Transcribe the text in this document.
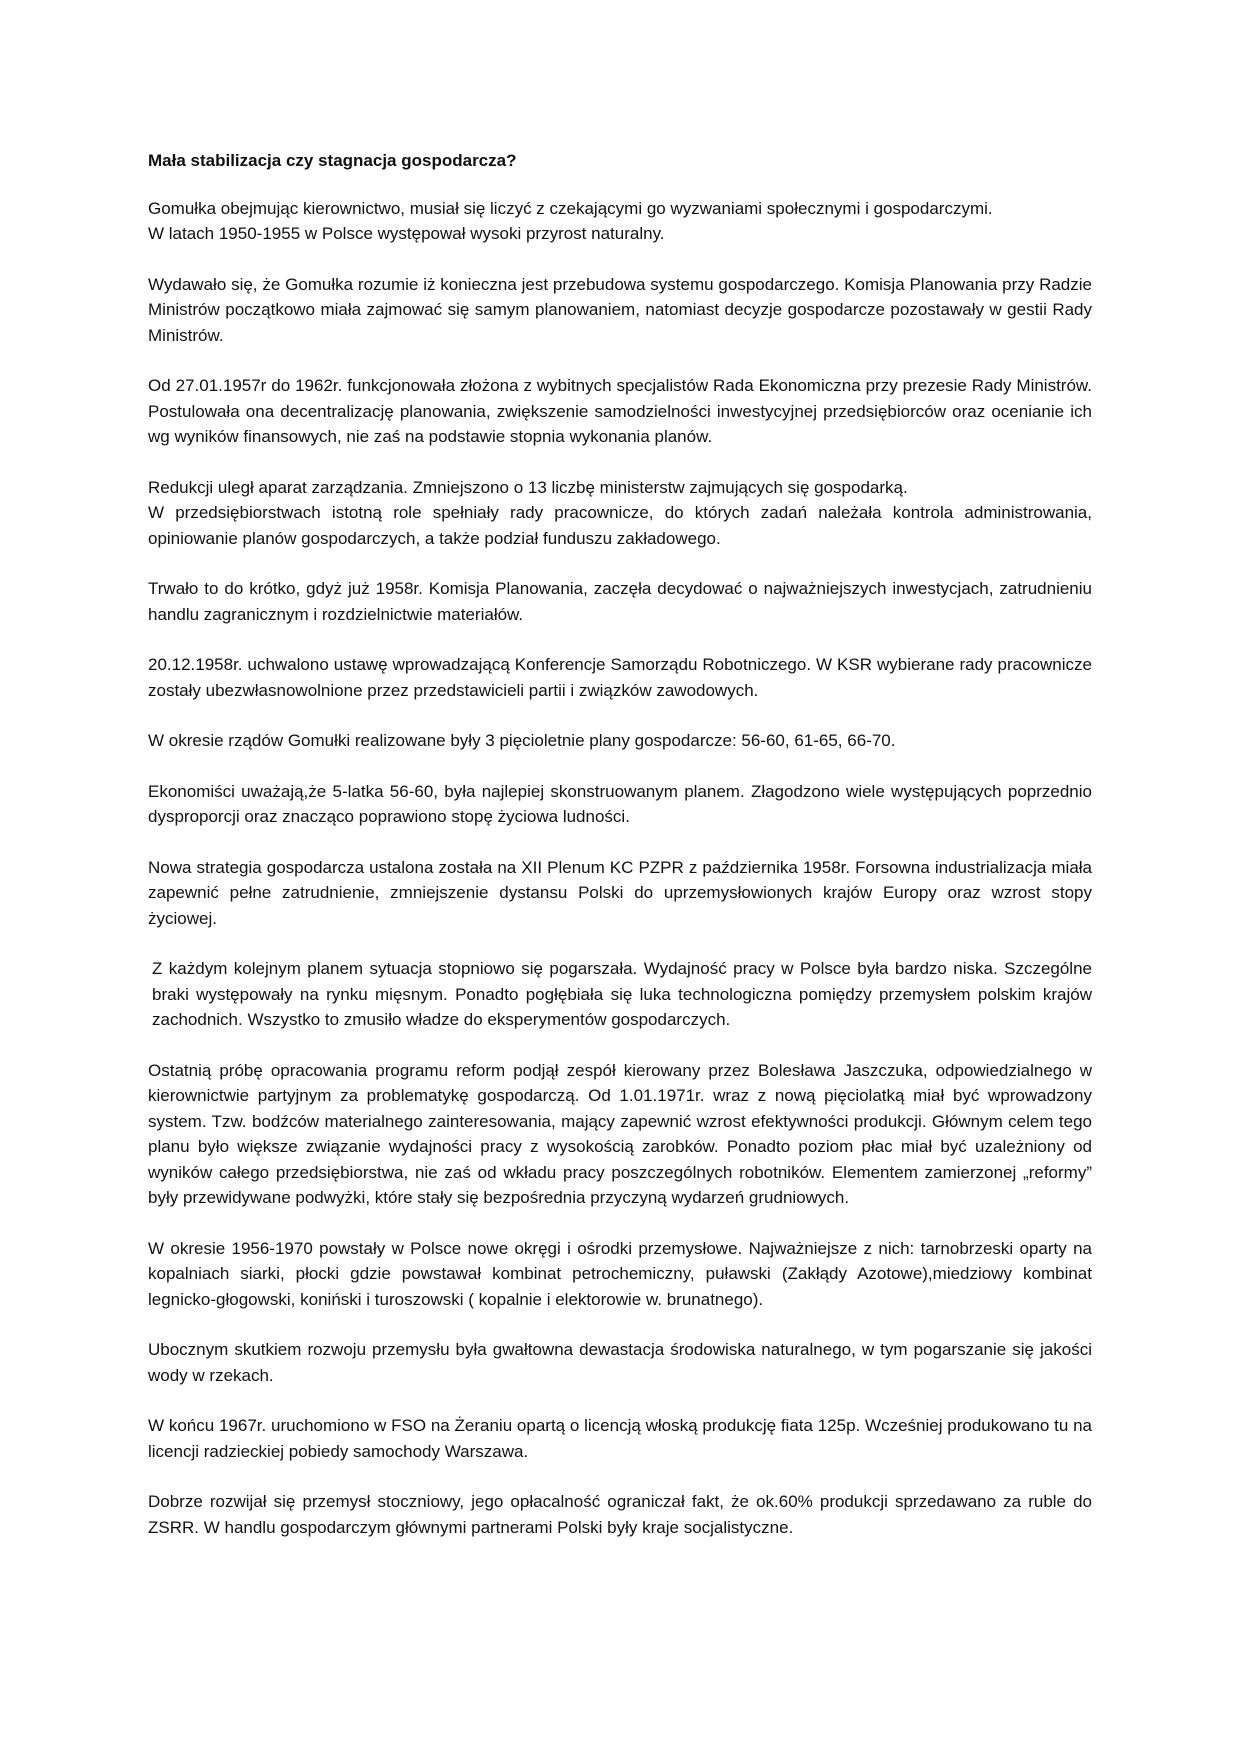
Mała stabilizacja czy stagnacja gospodarcza?

Gomułka obejmując kierownictwo, musiał się liczyć z czekającymi go wyzwaniami społecznymi i gospodarczymi.
W latach 1950-1955 w Polsce występował wysoki przyrost naturalny.

Wydawało się, że Gomułka rozumie iż konieczna jest przebudowa systemu gospodarczego. Komisja Planowania przy Radzie Ministrów początkowo miała zajmować się samym planowaniem, natomiast decyzje gospodarcze pozostawały w gestii Rady Ministrów.

Od 27.01.1957r do 1962r. funkcjonowała złożona z wybitnych specjalistów Rada Ekonomiczna przy prezesie Rady Ministrów. Postulowała ona decentralizację planowania, zwiększenie samodzielności inwestycyjnej przedsiębiorców oraz ocenianie ich wg wyników finansowych, nie zaś na podstawie stopnia wykonania planów.

Redukcji uległ aparat zarządzania. Zmniejszono o 13 liczbę ministerstw zajmujących się gospodarką.
W przedsiębiorstwach istotną role spełniały rady pracownicze, do których zadań należała kontrola administrowania, opiniowanie planów gospodarczych, a także podział funduszu zakładowego.

Trwało to do krótko, gdyż już 1958r. Komisja Planowania, zaczęła decydować o najważniejszych inwestycjach, zatrudnieniu handlu zagranicznym i rozdzielnictwie materiałów.

20.12.1958r. uchwalono ustawę wprowadzającą Konferencje Samorządu Robotniczego. W KSR wybierane rady pracownicze zostały ubezwłasnowolnione przez przedstawicieli partii i związków zawodowych.

W okresie rządów Gomułki realizowane były 3 pięcioletnie plany gospodarcze: 56-60, 61-65, 66-70.

Ekonomiści uważają,że 5-latka 56-60, była najlepiej skonstruowanym planem. Złagodzono wiele występujących poprzednio dysproporcji oraz znacząco poprawiono stopę życiowa ludności.

Nowa strategia gospodarcza ustalona została na XII Plenum KC PZPR z października 1958r. Forsowna industrializacja miała zapewnić pełne zatrudnienie, zmniejszenie dystansu Polski do uprzemysłowionych krajów Europy oraz wzrost stopy życiowej.

Z każdym kolejnym planem sytuacja stopniowo się pogarszała. Wydajność pracy w Polsce była bardzo niska. Szczególne braki występowały na rynku mięsnym. Ponadto pogłębiała się luka technologiczna pomiędzy przemysłem polskim krajów zachodnich. Wszystko to zmusiło władze do eksperymentów gospodarczych.

Ostatnią próbę opracowania programu reform podjął zespół kierowany przez Bolesława Jaszczuka, odpowiedzialnego w kierownictwie partyjnym za problematykę gospodarczą. Od 1.01.1971r. wraz z nową pięciolatką miał być wprowadzony system. Tzw. bodźców materialnego zainteresowania, mający zapewnić wzrost efektywności produkcji. Głównym celem tego planu było większe związanie wydajności pracy z wysokością zarobków. Ponadto poziom płac miał być uzależniony od wyników całego przedsiębiorstwa, nie zaś od wkładu pracy poszczególnych robotników. Elementem zamierzonej „reformy” były przewidywane podwyżki, które stały się bezpośrednia przyczyną wydarzeń grudniowych.

W okresie 1956-1970 powstały w Polsce nowe okręgi i ośrodki przemysłowe. Najważniejsze z nich: tarnobrzeski oparty na kopalniach siarki, płocki gdzie powstawał kombinat petrochemiczny, puławski (Zakłądy Azotowe),miedziowy kombinat legnicko-głogowski, koniński i turoszowski ( kopalnie i elektorowie w. brunatnego).

Ubocznym skutkiem rozwoju przemysłu była gwałtowna dewastacja środowiska naturalnego, w tym pogarszanie się jakości wody w rzekach.

W końcu 1967r. uruchomiono w FSO na Żeraniu opartą o licencją włoską produkcję fiata 125p. Wcześniej produkowano tu na licencji radzieckiej pobiedy samochody Warszawa.

Dobrze rozwijał się przemysł stoczniowy, jego opłacalność ograniczał fakt, że ok.60% produkcji sprzedawano za ruble do ZSRR. W handlu gospodarczym głównymi partnerami Polski były kraje socjalistyczne.
